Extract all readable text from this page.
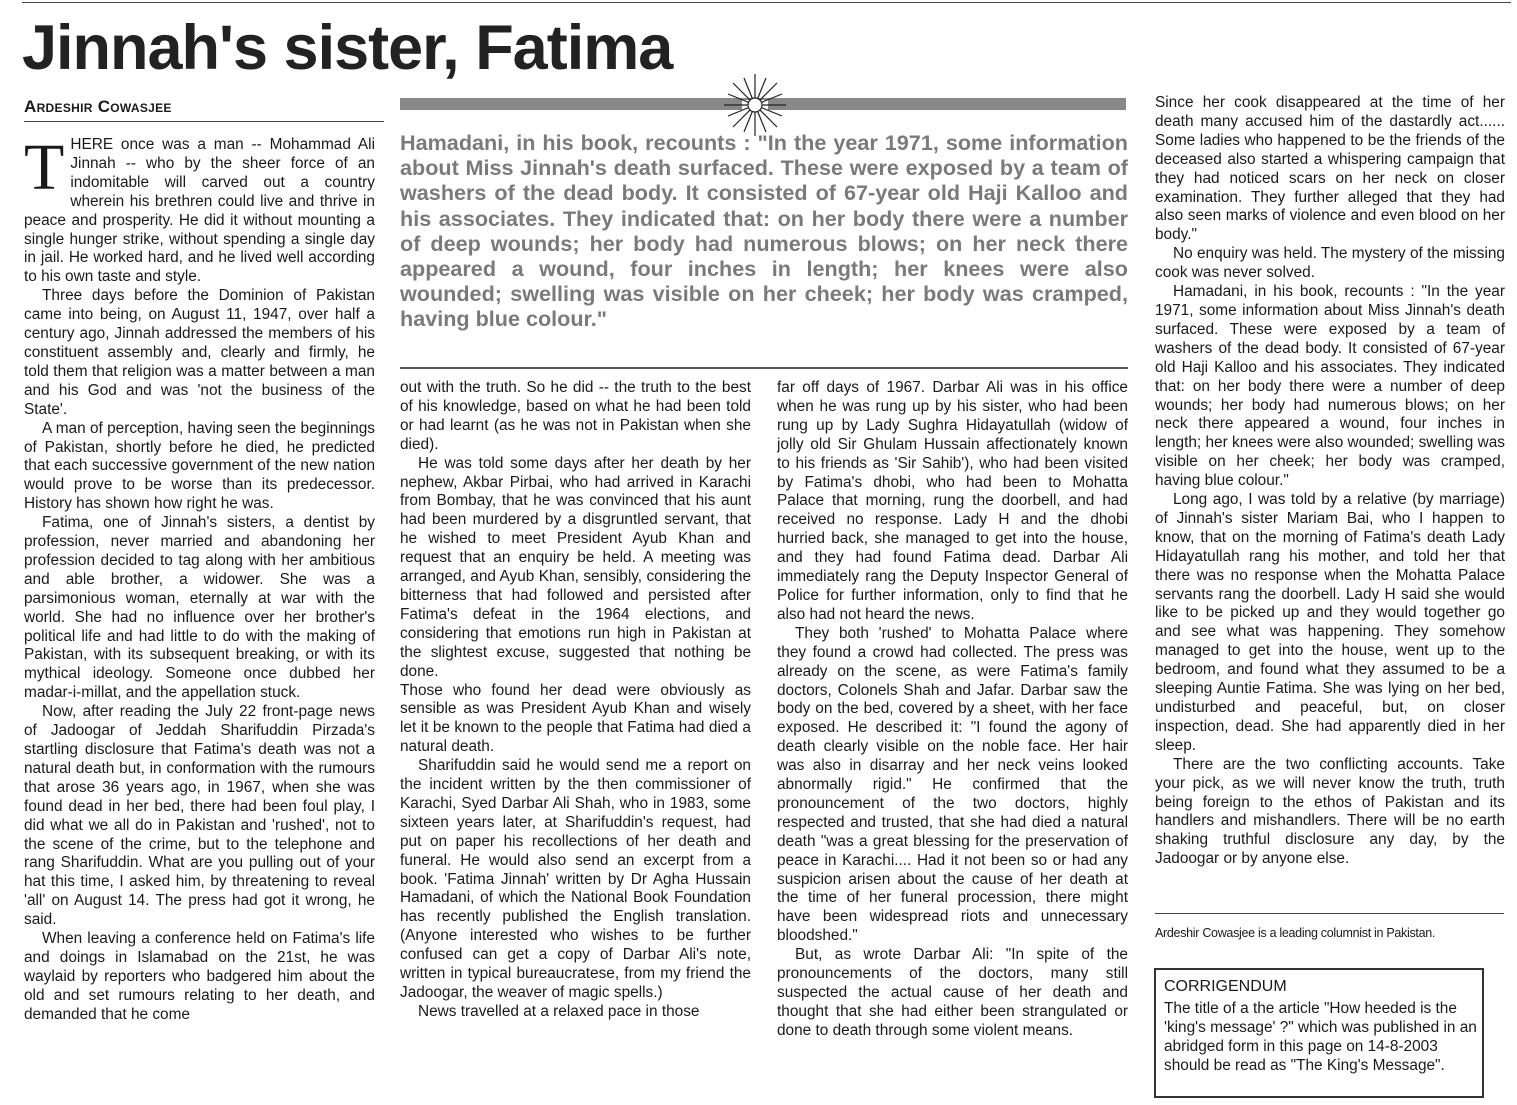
Jinnah's sister, Fatima
Ardeshir Cowasjee
T HERE once was a man -- Mohammad Ali Jinnah -- who by the sheer force of an indomitable will carved out a country wherein his brethren could live and thrive in peace and prosperity. He did it without mounting a single hunger strike, without spending a single day in jail. He worked hard, and he lived well according to his own taste and style.

Three days before the Dominion of Pakistan came into being, on August 11, 1947, over half a century ago, Jinnah addressed the members of his constituent assembly and, clearly and firmly, he told them that religion was a matter between a man and his God and was 'not the business of the State'.

A man of perception, having seen the beginnings of Pakistan, shortly before he died, he predicted that each successive government of the new nation would prove to be worse than its predecessor. History has shown how right he was.

Fatima, one of Jinnah's sisters, a dentist by profession, never married and abandoning her profession decided to tag along with her ambitious and able brother, a widower. She was a parsimonious woman, eternally at war with the world. She had no influence over her brother's political life and had little to do with the making of Pakistan, with its subsequent breaking, or with its mythical ideology. Someone once dubbed her madar-i-millat, and the appellation stuck.

Now, after reading the July 22 front-page news of Jadoogar of Jeddah Sharifuddin Pirzada's startling disclosure that Fatima's death was not a natural death but, in conformation with the rumours that arose 36 years ago, in 1967, when she was found dead in her bed, there had been foul play, I did what we all do in Pakistan and 'rushed', not to the scene of the crime, but to the telephone and rang Sharifuddin. What are you pulling out of your hat this time, I asked him, by threatening to reveal 'all' on August 14. The press had got it wrong, he said.

When leaving a conference held on Fatima's life and doings in Islamabad on the 21st, he was waylaid by reporters who badgered him about the old and set rumours relating to her death, and demanded that he come

Hamadani, in his book, recounts : "In the year 1971, some information about Miss Jinnah's death surfaced. These were exposed by a team of washers of the dead body. It consisted of 67-year old Haji Kalloo and his associates. They indicated that: on her body there were a number of deep wounds; her body had numerous blows; on her neck there appeared a wound, four inches in length; her knees were also wounded; swelling was visible on her cheek; her body was cramped, having blue colour."

out with the truth. So he did -- the truth to the best of his knowledge, based on what he had been told or had learnt (as he was not in Pakistan when she died).

He was told some days after her death by her nephew, Akbar Pirbai, who had arrived in Karachi from Bombay, that he was convinced that his aunt had been murdered by a disgruntled servant, that he wished to meet President Ayub Khan and request that an enquiry be held. A meeting was arranged, and Ayub Khan, sensibly, considering the bitterness that had followed and persisted after Fatima's defeat in the 1964 elections, and considering that emotions run high in Pakistan at the slightest excuse, suggested that nothing be done.

Those who found her dead were obviously as sensible as was President Ayub Khan and wisely let it be known to the people that Fatima had died a natural death.

Sharifuddin said he would send me a report on the incident written by the then commissioner of Karachi, Syed Darbar Ali Shah, who in 1983, some sixteen years later, at Sharifuddin's request, had put on paper his recollections of her death and funeral. He would also send an excerpt from a book. 'Fatima Jinnah' written by Dr Agha Hussain Hamadani, of which the National Book Foundation has recently published the English translation. (Anyone interested who wishes to be further confused can get a copy of Darbar Ali's note, written in typical bureaucratese, from my friend the Jadoogar, the weaver of magic spells.)

News travelled at a relaxed pace in those

far off days of 1967. Darbar Ali was in his office when he was rung up by his sister, who had been rung up by Lady Sughra Hidayatullah (widow of jolly old Sir Ghulam Hussain affectionately known to his friends as 'Sir Sahib'), who had been visited by Fatima's dhobi, who had been to Mohatta Palace that morning, rung the doorbell, and had received no response. Lady H and the dhobi hurried back, she managed to get into the house, and they had found Fatima dead. Darbar Ali immediately rang the Deputy Inspector General of Police for further information, only to find that he also had not heard the news.

They both 'rushed' to Mohatta Palace where they found a crowd had collected. The press was already on the scene, as were Fatima's family doctors, Colonels Shah and Jafar. Darbar saw the body on the bed, covered by a sheet, with her face exposed. He described it: "I found the agony of death clearly visible on the noble face. Her hair was also in disarray and her neck veins looked abnormally rigid." He confirmed that the pronouncement of the two doctors, highly respected and trusted, that she had died a natural death "was a great blessing for the preservation of peace in Karachi.... Had it not been so or had any suspicion arisen about the cause of her death at the time of her funeral procession, there might have been widespread riots and unnecessary bloodshed."

But, as wrote Darbar Ali: "In spite of the pronouncements of the doctors, many still suspected the actual cause of her death and thought that she had either been strangulated or done to death through some violent means.

Since her cook disappeared at the time of her death many accused him of the dastardly act...... Some ladies who happened to be the friends of the deceased also started a whispering campaign that they had noticed scars on her neck on closer examination. They further alleged that they had also seen marks of violence and even blood on her body."

No enquiry was held. The mystery of the missing cook was never solved.

Hamadani, in his book, recounts : "In the year 1971, some information about Miss Jinnah's death surfaced. These were exposed by a team of washers of the dead body. It consisted of 67-year old Haji Kalloo and his associates. They indicated that: on her body there were a number of deep wounds; her body had numerous blows; on her neck there appeared a wound, four inches in length; her knees were also wounded; swelling was visible on her cheek; her body was cramped, having blue colour."

Long ago, I was told by a relative (by marriage) of Jinnah's sister Mariam Bai, who I happen to know, that on the morning of Fatima's death Lady Hidayatullah rang his mother, and told her that there was no response when the Mohatta Palace servants rang the doorbell. Lady H said she would like to be picked up and they would together go and see what was happening. They somehow managed to get into the house, went up to the bedroom, and found what they assumed to be a sleeping Auntie Fatima. She was lying on her bed, undisturbed and peaceful, but, on closer inspection, dead. She had apparently died in her sleep.

There are the two conflicting accounts. Take your pick, as we will never know the truth, truth being foreign to the ethos of Pakistan and its handlers and mishandlers. There will be no earth shaking truthful disclosure any day, by the Jadoogar or by anyone else.

Ardeshir Cowasjee is a leading columnist in Pakistan.
CORRIGENDUM
The title of a the article "How heeded is the 'king's message' ?" which was published in an abridged form in this page on 14-8-2003 should be read as "The King's Message".
